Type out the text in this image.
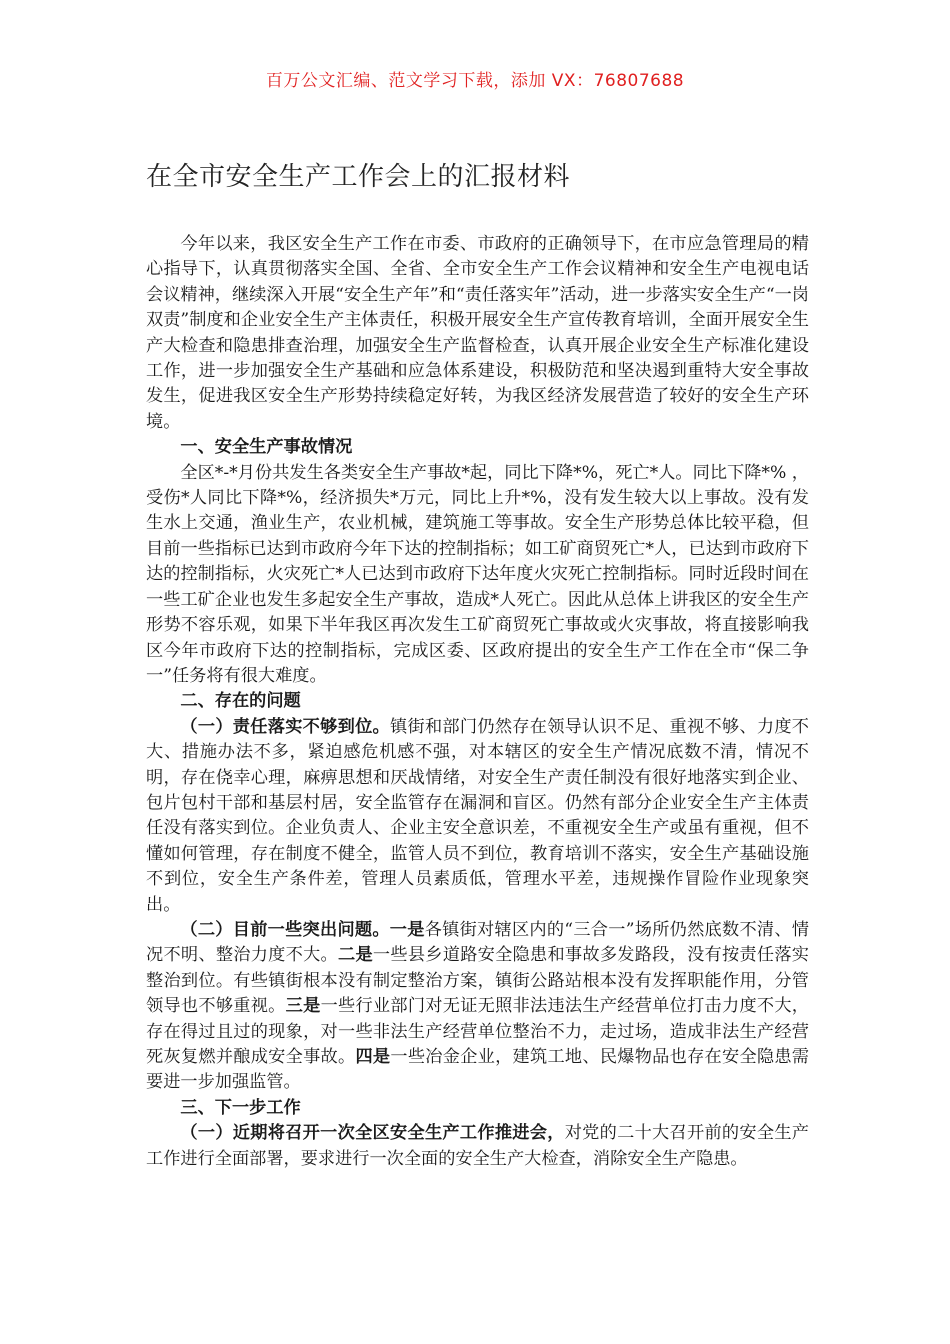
百万公文汇编、范文学习下载，添加 VX：76807688
在全市安全生产工作会上的汇报材料

今年以来，我区安全生产工作在市委、市政府的正确领导下，在市应急管理局的精心指导下，认真贯彻落实全国、全省、全市安全生产工作会议精神和安全生产电视电话会议精神，继续深入开展“安全生产年”和“责任落实年”活动，进一步落实安全生产“一岗双责”制度和企业安全生产主体责任，积极开展安全生产宣传教育培训，全面开展安全生产大检查和隐患排查治理，加强安全生产监督检查，认真开展企业安全生产标准化建设工作，进一步加强安全生产基础和应急体系建设，积极防范和坚决遏到重特大安全事故发生，促进我区安全生产形势持续稳定好转，为我区经济发展营造了较好的安全生产环境。

一、安全生产事故情况

全区*-*月份共发生各类安全生产事故*起，同比下降*%，死亡*人。同比下降*% ，受伤*人同比下降*%，经济损失*万元，同比上升*%，没有发生较大以上事故。没有发生水上交通，渔业生产，农业机械，建筑施工等事故。安全生产形势总体比较平稳，但目前一些指标已达到市政府今年下达的控制指标；如工矿商贸死亡*人，已达到市政府下达的控制指标，火灾死亡*人已达到市政府下达年度火灾死亡控制指标。同时近段时间在一些工矿企业也发生多起安全生产事故，造成*人死亡。因此从总体上讲我区的安全生产形势不容乐观，如果下半年我区再次发生工矿商贸死亡事故或火灾事故，将直接影响我区今年市政府下达的控制指标，完成区委、区政府提出的安全生产工作在全市“保二争一”任务将有很大难度。

二、存在的问题

（一）责任落实不够到位。镇街和部门仍然存在领导认识不足、重视不够、力度不大、措施办法不多，紧迫感危机感不强，对本辖区的安全生产情况底数不清，情况不明，存在侥幸心理，麻痹思想和厌战情绪，对安全生产责任制没有很好地落实到企业、包片包村干部和基层村居，安全监管存在漏洞和盲区。仍然有部分企业安全生产主体责任没有落实到位。企业负责人、企业主安全意识差，不重视安全生产或虽有重视，但不懂如何管理，存在制度不健全，监管人员不到位，教育培训不落实，安全生产基础设施不到位，安全生产条件差，管理人员素质低，管理水平差，违规操作冒险作业现象突出。

（二）目前一些突出问题。一是各镇街对辖区内的“三合一”场所仍然底数不清、情况不明、整治力度不大。二是一些县乡道路安全隐患和事故多发路段，没有按责任落实整治到位。有些镇街根本没有制定整治方案，镇街公路站根本没有发挥职能作用，分管领导也不够重视。三是一些行业部门对无证无照非法违法生产经营单位打击力度不大，存在得过且过的现象，对一些非法生产经营单位整治不力，走过场，造成非法生产经营死灰复燃并酿成安全事故。四是一些冶金企业，建筑工地、民爆物品也存在安全隐患需要进一步加强监管。

三、下一步工作

（一）近期将召开一次全区安全生产工作推进会，对党的二十大召开前的安全生产工作进行全面部署，要求进行一次全面的安全生产大检查，消除安全生产隐患。
